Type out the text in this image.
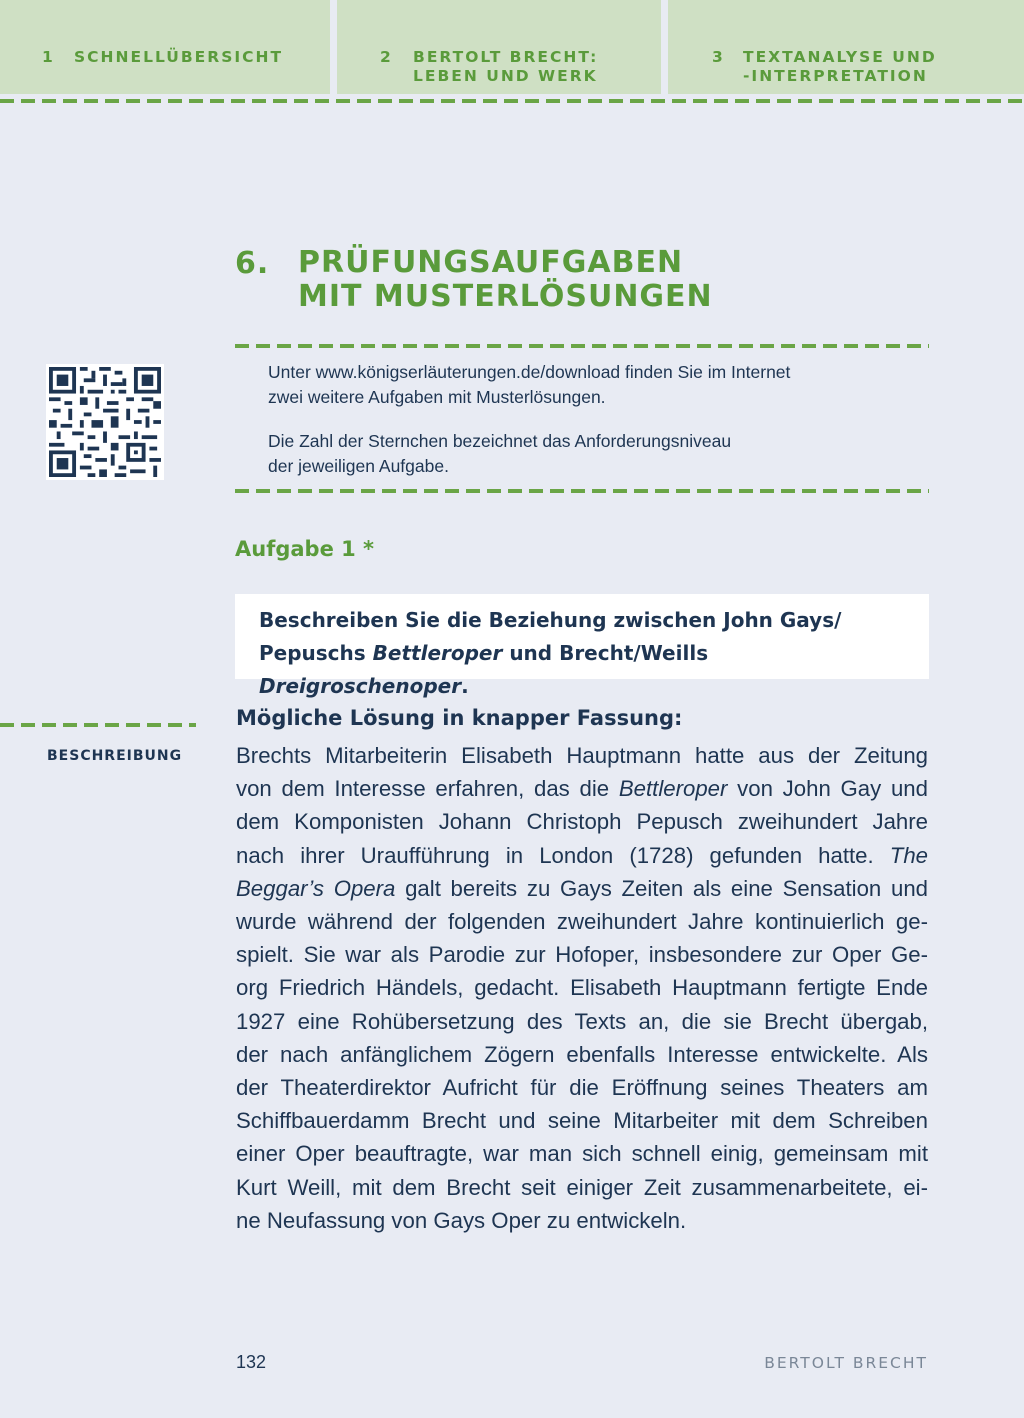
1 SCHNELLÜBERSICHT	2 BERTOLT BRECHT:
LEBEN UND WERK
3 TEXTANALYSE UND
-INTERPRETATION
6. PRÜFUNGSAUFGABEN
MIT MUSTERLÖSUNGEN
Unter www.königserläuterungen.de/download finden Sie im Internet
zwei weitere Aufgaben mit Musterlösungen.
Die Zahl der Sternchen bezeichnet das Anforderungsniveau
der jeweiligen Aufgabe.
Aufgabe 1 *
Beschreiben Sie die Beziehung zwischen John Gays/
Pepuschs Bettleroper und Brecht/Weills Dreigroschenoper.
BESCHREIBUNG
Mögliche Lösung in knapper Fassung:
Brechts Mitarbeiterin Elisabeth Hauptmann hatte aus der Zeitung
von dem Interesse erfahren, das die Bettleroper von John Gay und
dem Komponisten Johann Christoph Pepusch zweihundert Jahre
nach ihrer Uraufführung in London (1728) gefunden hatte. The
Beggar’s Opera galt bereits zu Gays Zeiten als eine Sensation und
wurde während der folgenden zweihundert Jahre kontinuierlich ge-
spielt. Sie war als Parodie zur Hofoper, insbesondere zur Oper Ge-
org Friedrich Händels, gedacht. Elisabeth Hauptmann fertigte Ende
1927 eine Rohübersetzung des Texts an, die sie Brecht übergab,
der nach anfänglichem Zögern ebenfalls Interesse entwickelte. Als
der Theaterdirektor Aufricht für die Eröffnung seines Theaters am
Schiffbauerdamm Brecht und seine Mitarbeiter mit dem Schreiben
einer Oper beauftragte, war man sich schnell einig, gemeinsam mit
Kurt Weill, mit dem Brecht seit einiger Zeit zusammenarbeitete, ei-
ne Neufassung von Gays Oper zu entwickeln.
132	BERTOLT BRECHT
